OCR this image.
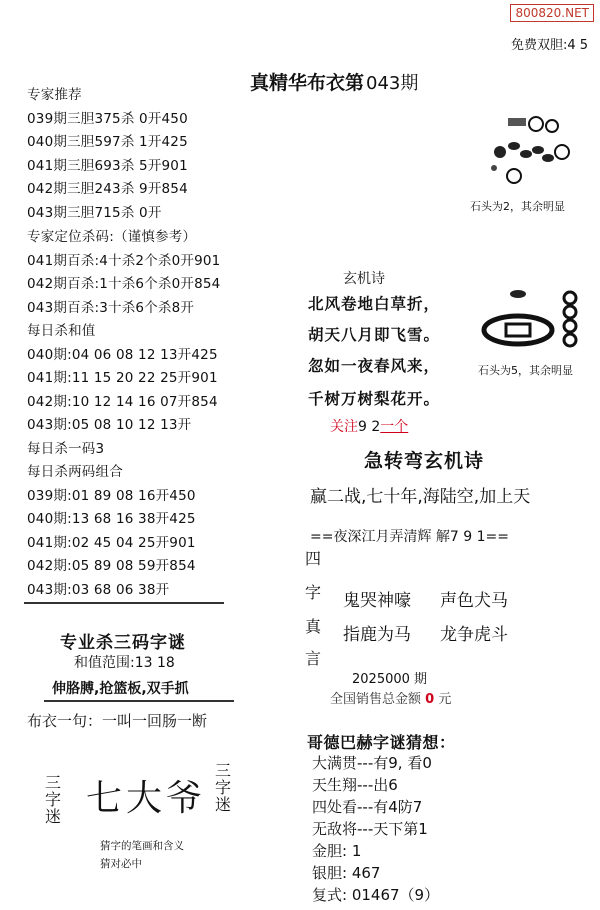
800820.NET
免费双胆:4 5
真精华布衣第 043期
专家推荐
039期三胆375杀 0开450
040期三胆597杀 1开425
041期三胆693杀 5开901
042期三胆243杀 9开854
043期三胆715杀 0开
专家定位杀码:（谨慎参考）
041期百杀:4十杀2个杀0开901
042期百杀:1十杀6个杀0开854
043期百杀:3十杀6个杀8开
每日杀和值
040期:04 06 08 12 13开425
041期:11 15 20 22 25开901
042期:10 12 14 16 07开854
043期:05 08 10 12 13开
每日杀一码3
每日杀两码组合
039期:01 89 08 16开450
040期:13 68 16 38开425
041期:02 45 04 25开901
042期:05 89 08 59开854
043期:03 68 06 38开
专业杀三码字谜
和值范围:13 18
伸胳膊,抢篮板,双手抓
布衣一句：一叫一回肠一断
三字迷
三字迷
七大爷
猜字的笔画和含义
猜对必中
石头为2，其余明显
石头为5，其余明显
玄机诗
北风卷地白草折，
胡天八月即飞雪。
忽如一夜春风来，
千树万树梨花开。
关注9 2一个
急转弯玄机诗
赢二战,七十年,海陆空,加上天
==夜深江月弄清辉 解7 9 1==
四
字
真
言
鬼哭神嚎 声色犬马
指鹿为马 龙争虎斗
2025000 期
全国销售总金额 0 元
哥德巴赫字谜猜想：
大满贯---有9, 看0
天生翔---出6
四处看---有4防7
无敌将---天下第1
金胆: 1
银胆: 467
复式: 01467（9）
